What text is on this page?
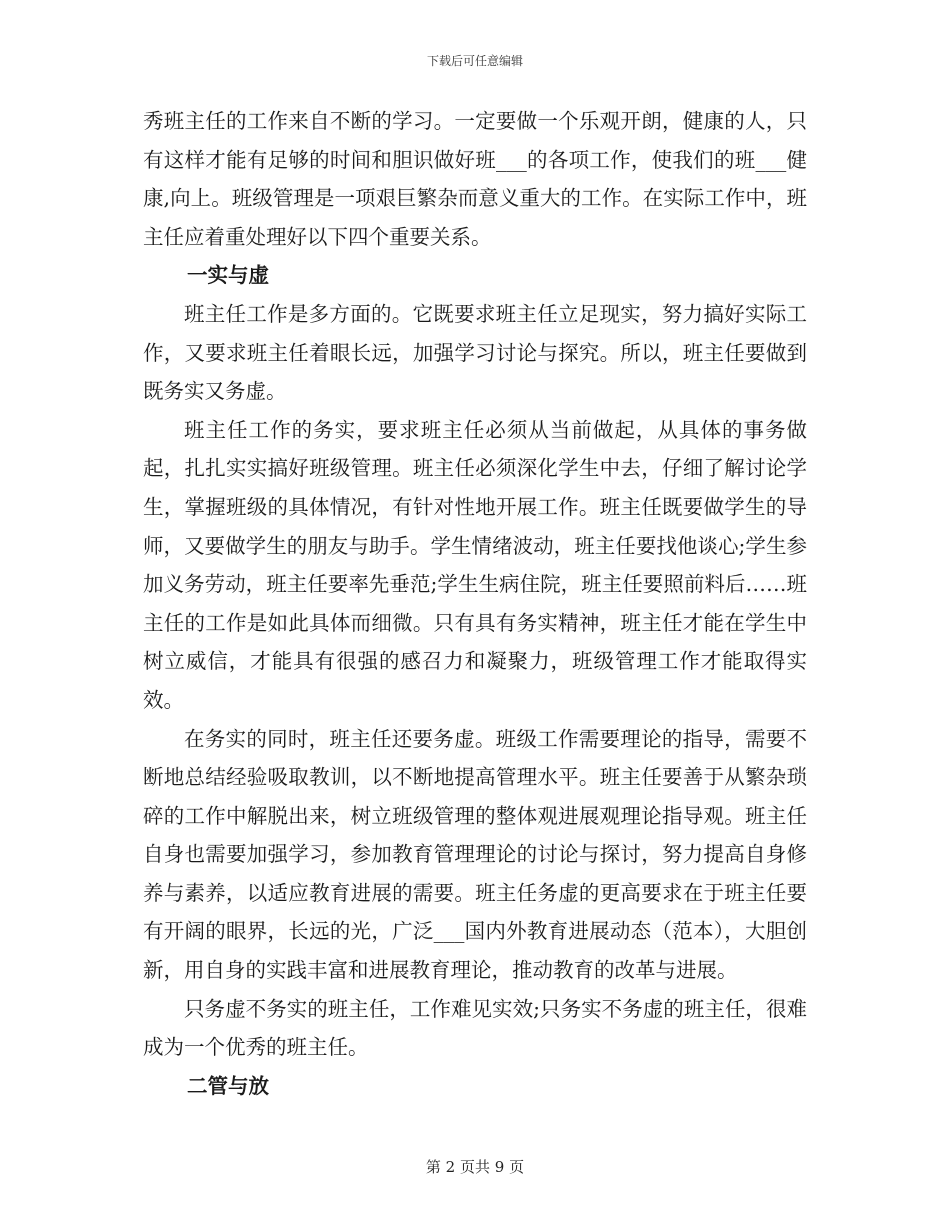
下载后可任意编辑

秀班主任的工作来自不断的学习。一定要做一个乐观开朗，健康的人，只有这样才能有足够的时间和胆识做好班___的各项工作，使我们的班___健康,向上。班级管理是一项艰巨繁杂而意义重大的工作。在实际工作中，班主任应着重处理好以下四个重要关系。

一实与虚

班主任工作是多方面的。它既要求班主任立足现实，努力搞好实际工作，又要求班主任着眼长远，加强学习讨论与探究。所以，班主任要做到既务实又务虚。

班主任工作的务实，要求班主任必须从当前做起，从具体的事务做起，扎扎实实搞好班级管理。班主任必须深化学生中去，仔细了解讨论学生，掌握班级的具体情况，有针对性地开展工作。班主任既要做学生的导师，又要做学生的朋友与助手。学生情绪波动，班主任要找他谈心;学生参加义务劳动，班主任要率先垂范;学生生病住院，班主任要照前料后……班主任的工作是如此具体而细微。只有具有务实精神，班主任才能在学生中树立威信，才能具有很强的感召力和凝聚力，班级管理工作才能取得实效。

在务实的同时，班主任还要务虚。班级工作需要理论的指导，需要不断地总结经验吸取教训，以不断地提高管理水平。班主任要善于从繁杂琐碎的工作中解脱出来，树立班级管理的整体观进展观理论指导观。班主任自身也需要加强学习，参加教育管理理论的讨论与探讨，努力提高自身修养与素养，以适应教育进展的需要。班主任务虚的更高要求在于班主任要有开阔的眼界，长远的光，广泛___国内外教育进展动态（范本），大胆创新，用自身的实践丰富和进展教育理论，推动教育的改革与进展。

只务虚不务实的班主任，工作难见实效;只务实不务虚的班主任，很难成为一个优秀的班主任。

二管与放

第 2 页共 9 页
